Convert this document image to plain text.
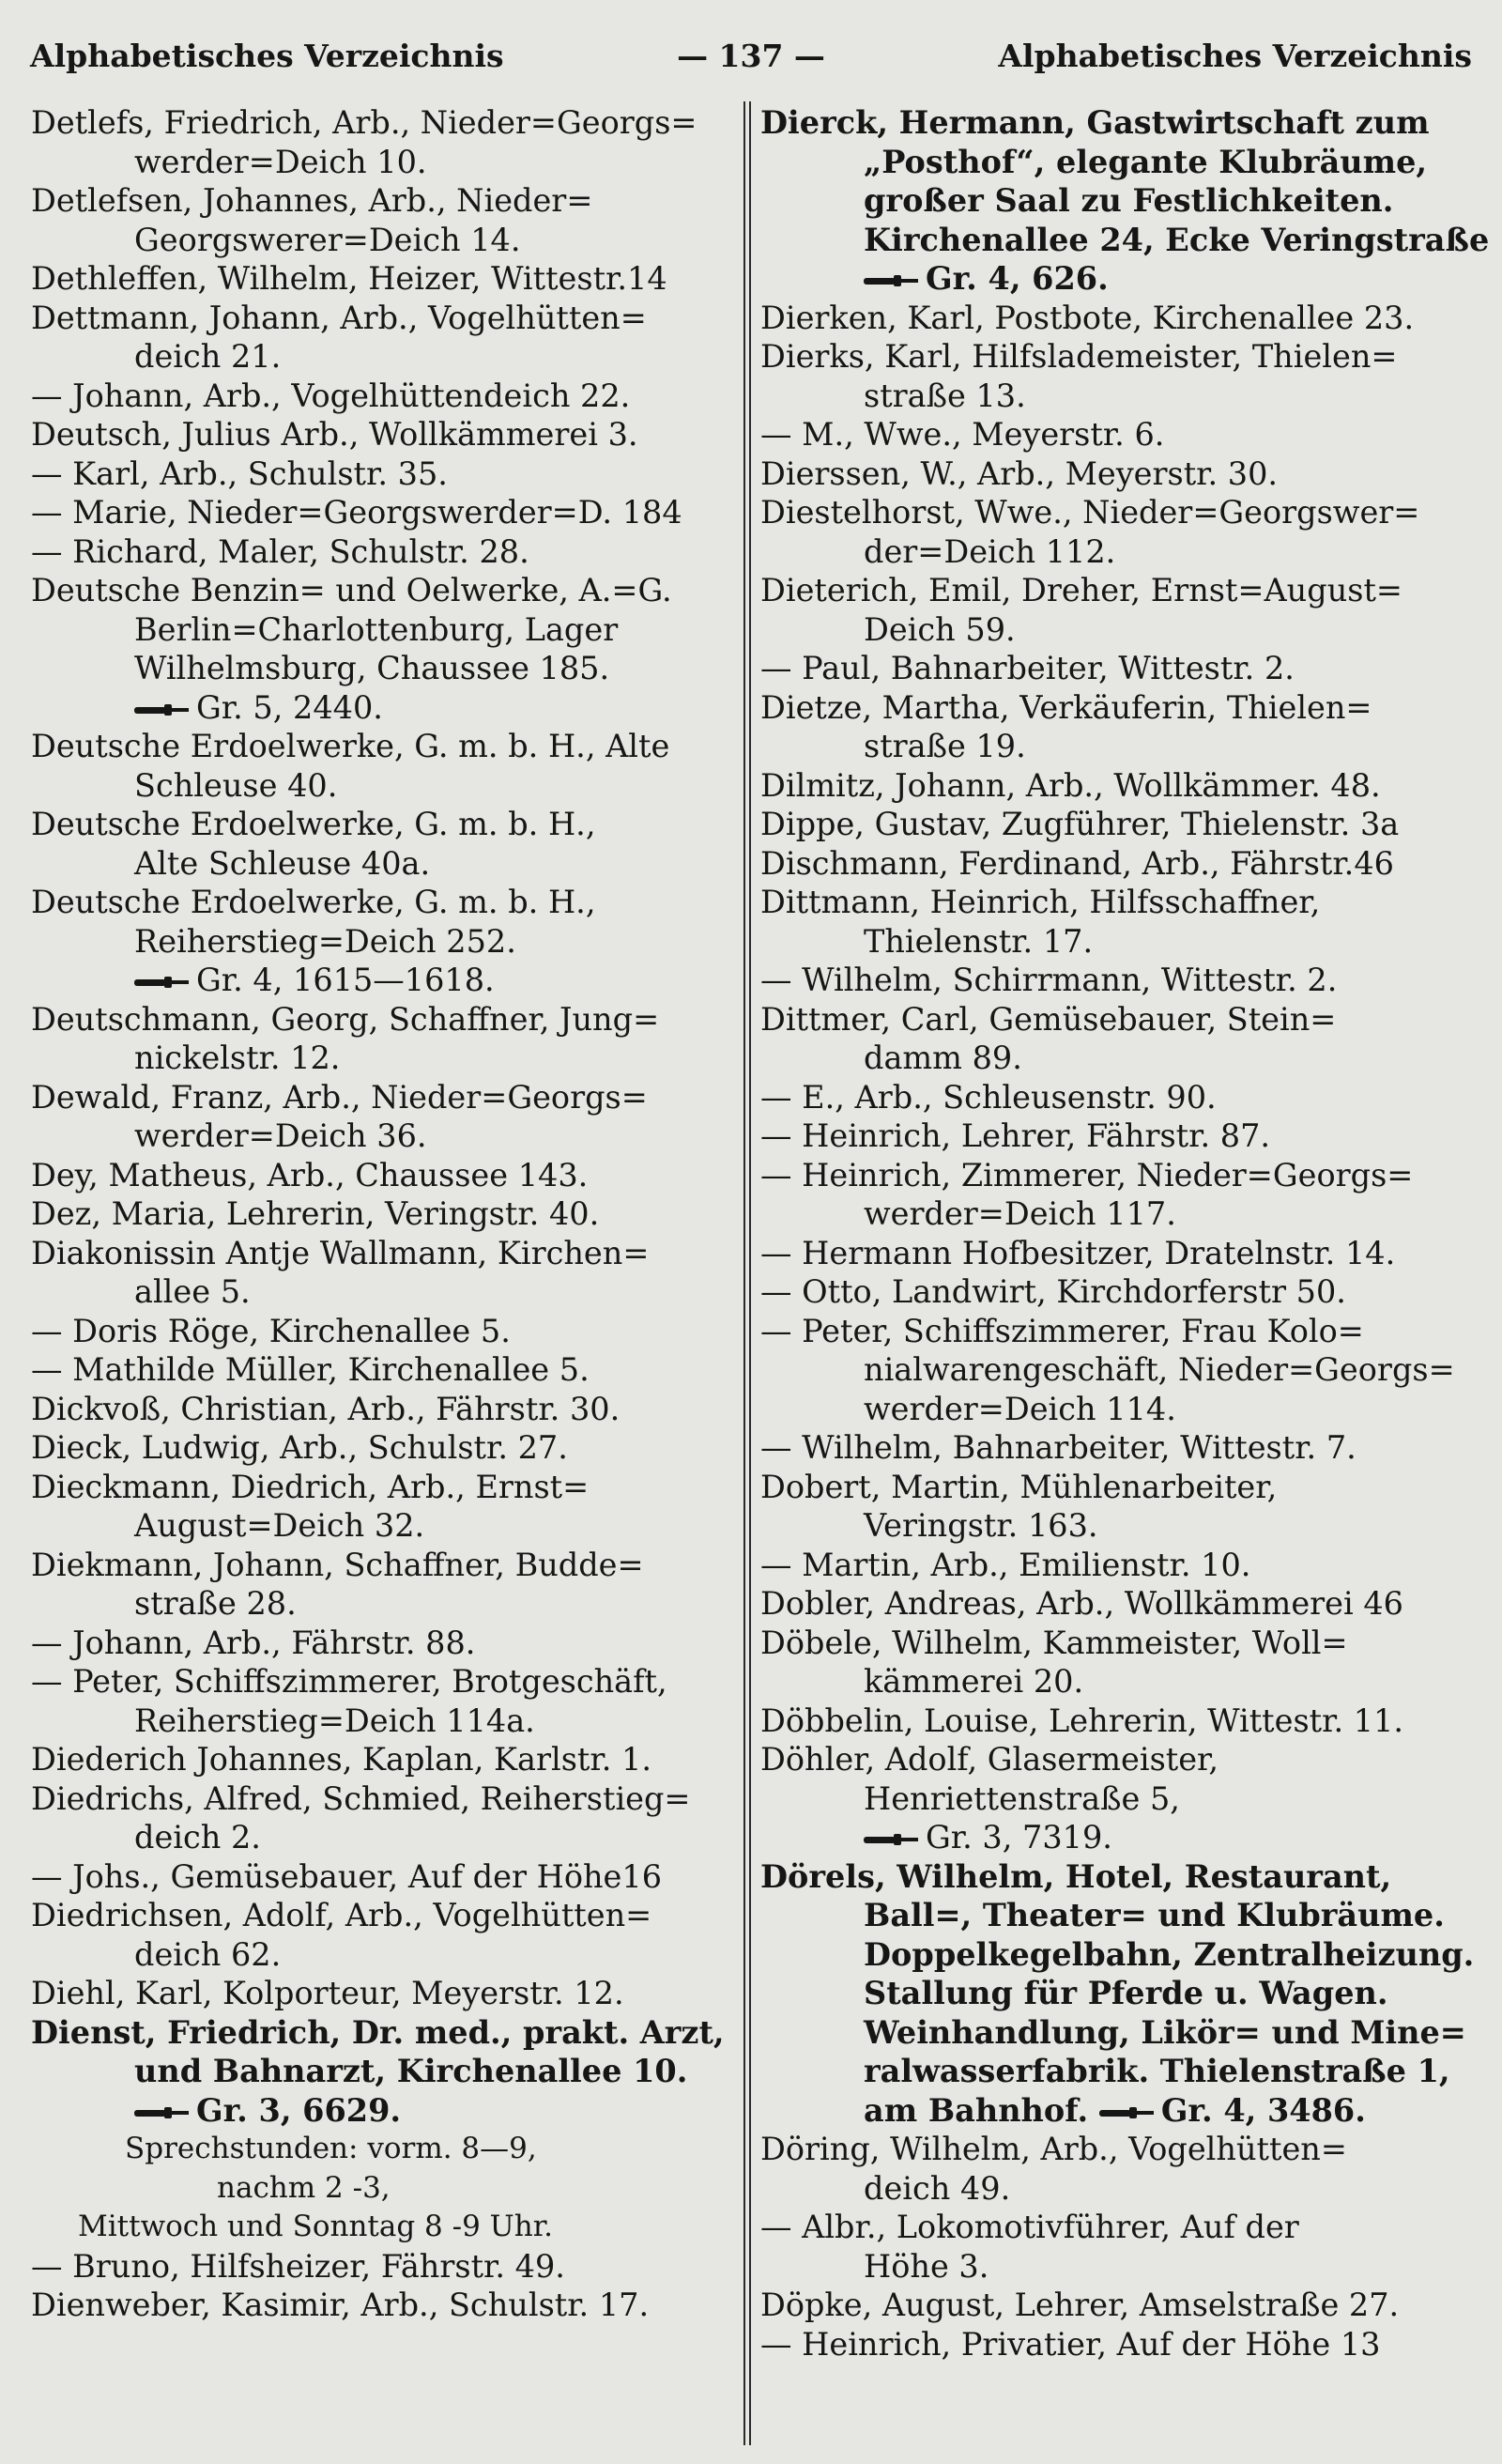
Alphabetisches Verzeichnis	— 137 —	Alphabetisches Verzeichnis
Detlefs, Friedrich, Arb., Nieder=Georgs=
werder=Deich 10.
Detlefsen, Johannes, Arb., Nieder=
Georgswerer=Deich 14.
Dethleffen, Wilhelm, Heizer, Wittestr.14
Dettmann, Johann, Arb., Vogelhütten=
deich 21.
— Johann, Arb., Vogelhüttendeich 22.
Deutsch, Julius Arb., Wollkämmerei 3.
— Karl, Arb., Schulstr. 35.
— Marie, Nieder=Georgswerder=D. 184
— Richard, Maler, Schulstr. 28.
Deutsche Benzin= und Oelwerke, A.=G.
Berlin=Charlottenburg, Lager
Wilhelmsburg, Chaussee 185.
Gr. 5, 2440.
Deutsche Erdoelwerke, G. m. b. H., Alte
Schleuse 40.
Deutsche Erdoelwerke, G. m. b. H.,
Alte Schleuse 40a.
Deutsche Erdoelwerke, G. m. b. H.,
Reiherstieg=Deich 252.
Gr. 4, 1615—1618.
Deutschmann, Georg, Schaffner, Jung=
nickelstr. 12.
Dewald, Franz, Arb., Nieder=Georgs=
werder=Deich 36.
Dey, Matheus, Arb., Chaussee 143.
Dez, Maria, Lehrerin, Veringstr. 40.
Diakonissin Antje Wallmann, Kirchen=
allee 5.
— Doris Röge, Kirchenallee 5.
— Mathilde Müller, Kirchenallee 5.
Dickvoß, Christian, Arb., Fährstr. 30.
Dieck, Ludwig, Arb., Schulstr. 27.
Dieckmann, Diedrich, Arb., Ernst=
August=Deich 32.
Diekmann, Johann, Schaffner, Budde=
straße 28.
— Johann, Arb., Fährstr. 88.
— Peter, Schiffszimmerer, Brotgeschäft,
Reiherstieg=Deich 114a.
Diederich Johannes, Kaplan, Karlstr. 1.
Diedrichs, Alfred, Schmied, Reiherstieg=
deich 2.
— Johs., Gemüsebauer, Auf der Höhe16
Diedrichsen, Adolf, Arb., Vogelhütten=
deich 62.
Diehl, Karl, Kolporteur, Meyerstr. 12.
Dienst, Friedrich, Dr. med., prakt. Arzt,
und Bahnarzt, Kirchenallee 10.
Gr. 3, 6629.
Sprechstunden: vorm. 8—9,
nachm 2 -3,
Mittwoch und Sonntag 8 -9 Uhr.
— Bruno, Hilfsheizer, Fährstr. 49.
Dienweber, Kasimir, Arb., Schulstr. 17.
Dierck, Hermann, Gastwirtschaft zum
„Posthof“, elegante Klubräume,
großer Saal zu Festlichkeiten.
Kirchenallee 24, Ecke Veringstraße
Gr. 4, 626.
Dierken, Karl, Postbote, Kirchenallee 23.
Dierks, Karl, Hilfslademeister, Thielen=
straße 13.
— M., Wwe., Meyerstr. 6.
Dierssen, W., Arb., Meyerstr. 30.
Diestelhorst, Wwe., Nieder=Georgswer=
der=Deich 112.
Dieterich, Emil, Dreher, Ernst=August=
Deich 59.
— Paul, Bahnarbeiter, Wittestr. 2.
Dietze, Martha, Verkäuferin, Thielen=
straße 19.
Dilmitz, Johann, Arb., Wollkämmer. 48.
Dippe, Gustav, Zugführer, Thielenstr. 3a
Dischmann, Ferdinand, Arb., Fährstr.46
Dittmann, Heinrich, Hilfsschaffner,
Thielenstr. 17.
— Wilhelm, Schirrmann, Wittestr. 2.
Dittmer, Carl, Gemüsebauer, Stein=
damm 89.
— E., Arb., Schleusenstr. 90.
— Heinrich, Lehrer, Fährstr. 87.
— Heinrich, Zimmerer, Nieder=Georgs=
werder=Deich 117.
— Hermann Hofbesitzer, Dratelnstr. 14.
— Otto, Landwirt, Kirchdorferstr 50.
— Peter, Schiffszimmerer, Frau Kolo=
nialwarengeschäft, Nieder=Georgs=
werder=Deich 114.
— Wilhelm, Bahnarbeiter, Wittestr. 7.
Dobert, Martin, Mühlenarbeiter,
Veringstr. 163.
— Martin, Arb., Emilienstr. 10.
Dobler, Andreas, Arb., Wollkämmerei 46
Döbele, Wilhelm, Kammeister, Woll=
kämmerei 20.
Döbbelin, Louise, Lehrerin, Wittestr. 11.
Döhler, Adolf, Glasermeister,
Henriettenstraße 5,
Gr. 3, 7319.
Dörels, Wilhelm, Hotel, Restaurant,
Ball=, Theater= und Klubräume.
Doppelkegelbahn, Zentralheizung.
Stallung für Pferde u. Wagen.
Weinhandlung, Likör= und Mine=
ralwasserfabrik. Thielenstraße 1,
am Bahnhof. Gr. 4, 3486.
Döring, Wilhelm, Arb., Vogelhütten=
deich 49.
— Albr., Lokomotivführer, Auf der
Höhe 3.
Döpke, August, Lehrer, Amselstraße 27.
— Heinrich, Privatier, Auf der Höhe 13
